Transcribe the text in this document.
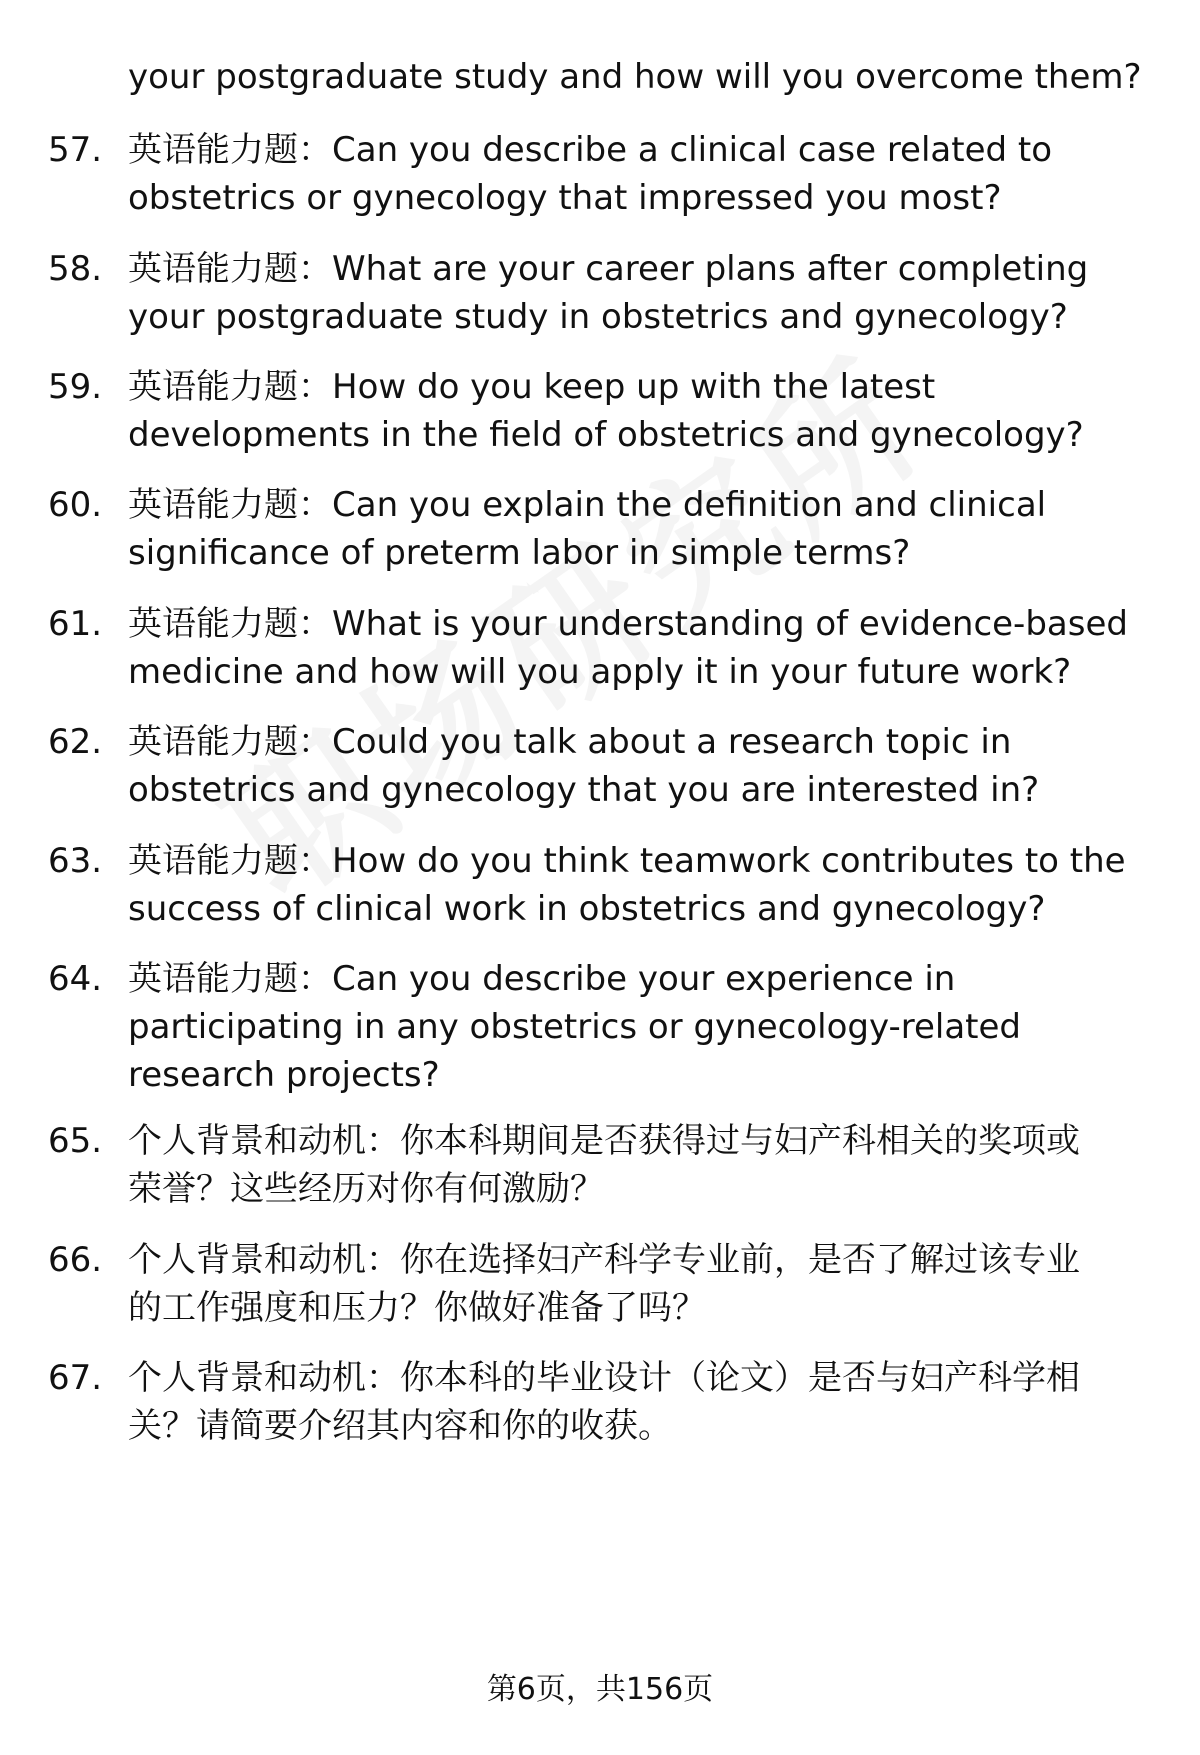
your postgraduate study and how will you overcome them?
57. 英语能力题：Can you describe a clinical case related to
obstetrics or gynecology that impressed you most?
58. 英语能力题：What are your career plans after completing
your postgraduate study in obstetrics and gynecology?
59. 英语能力题：How do you keep up with the latest
developments in the field of obstetrics and gynecology?
60. 英语能力题：Can you explain the definition and clinical
significance of preterm labor in simple terms?
61. 英语能力题：What is your understanding of evidence-based
medicine and how will you apply it in your future work?
62. 英语能力题：Could you talk about a research topic in
obstetrics and gynecology that you are interested in?
63. 英语能力题：How do you think teamwork contributes to the
success of clinical work in obstetrics and gynecology?
64. 英语能力题：Can you describe your experience in
participating in any obstetrics or gynecology-related
research projects?
65. 个人背景和动机：你本科期间是否获得过与妇产科相关的奖项或
荣誉？这些经历对你有何激励？
66. 个人背景和动机：你在选择妇产科学专业前，是否了解过该专业
的工作强度和压力？你做好准备了吗？
67. 个人背景和动机：你本科的毕业设计（论文）是否与妇产科学相
关？请简要介绍其内容和你的收获。
第6页，共156页
